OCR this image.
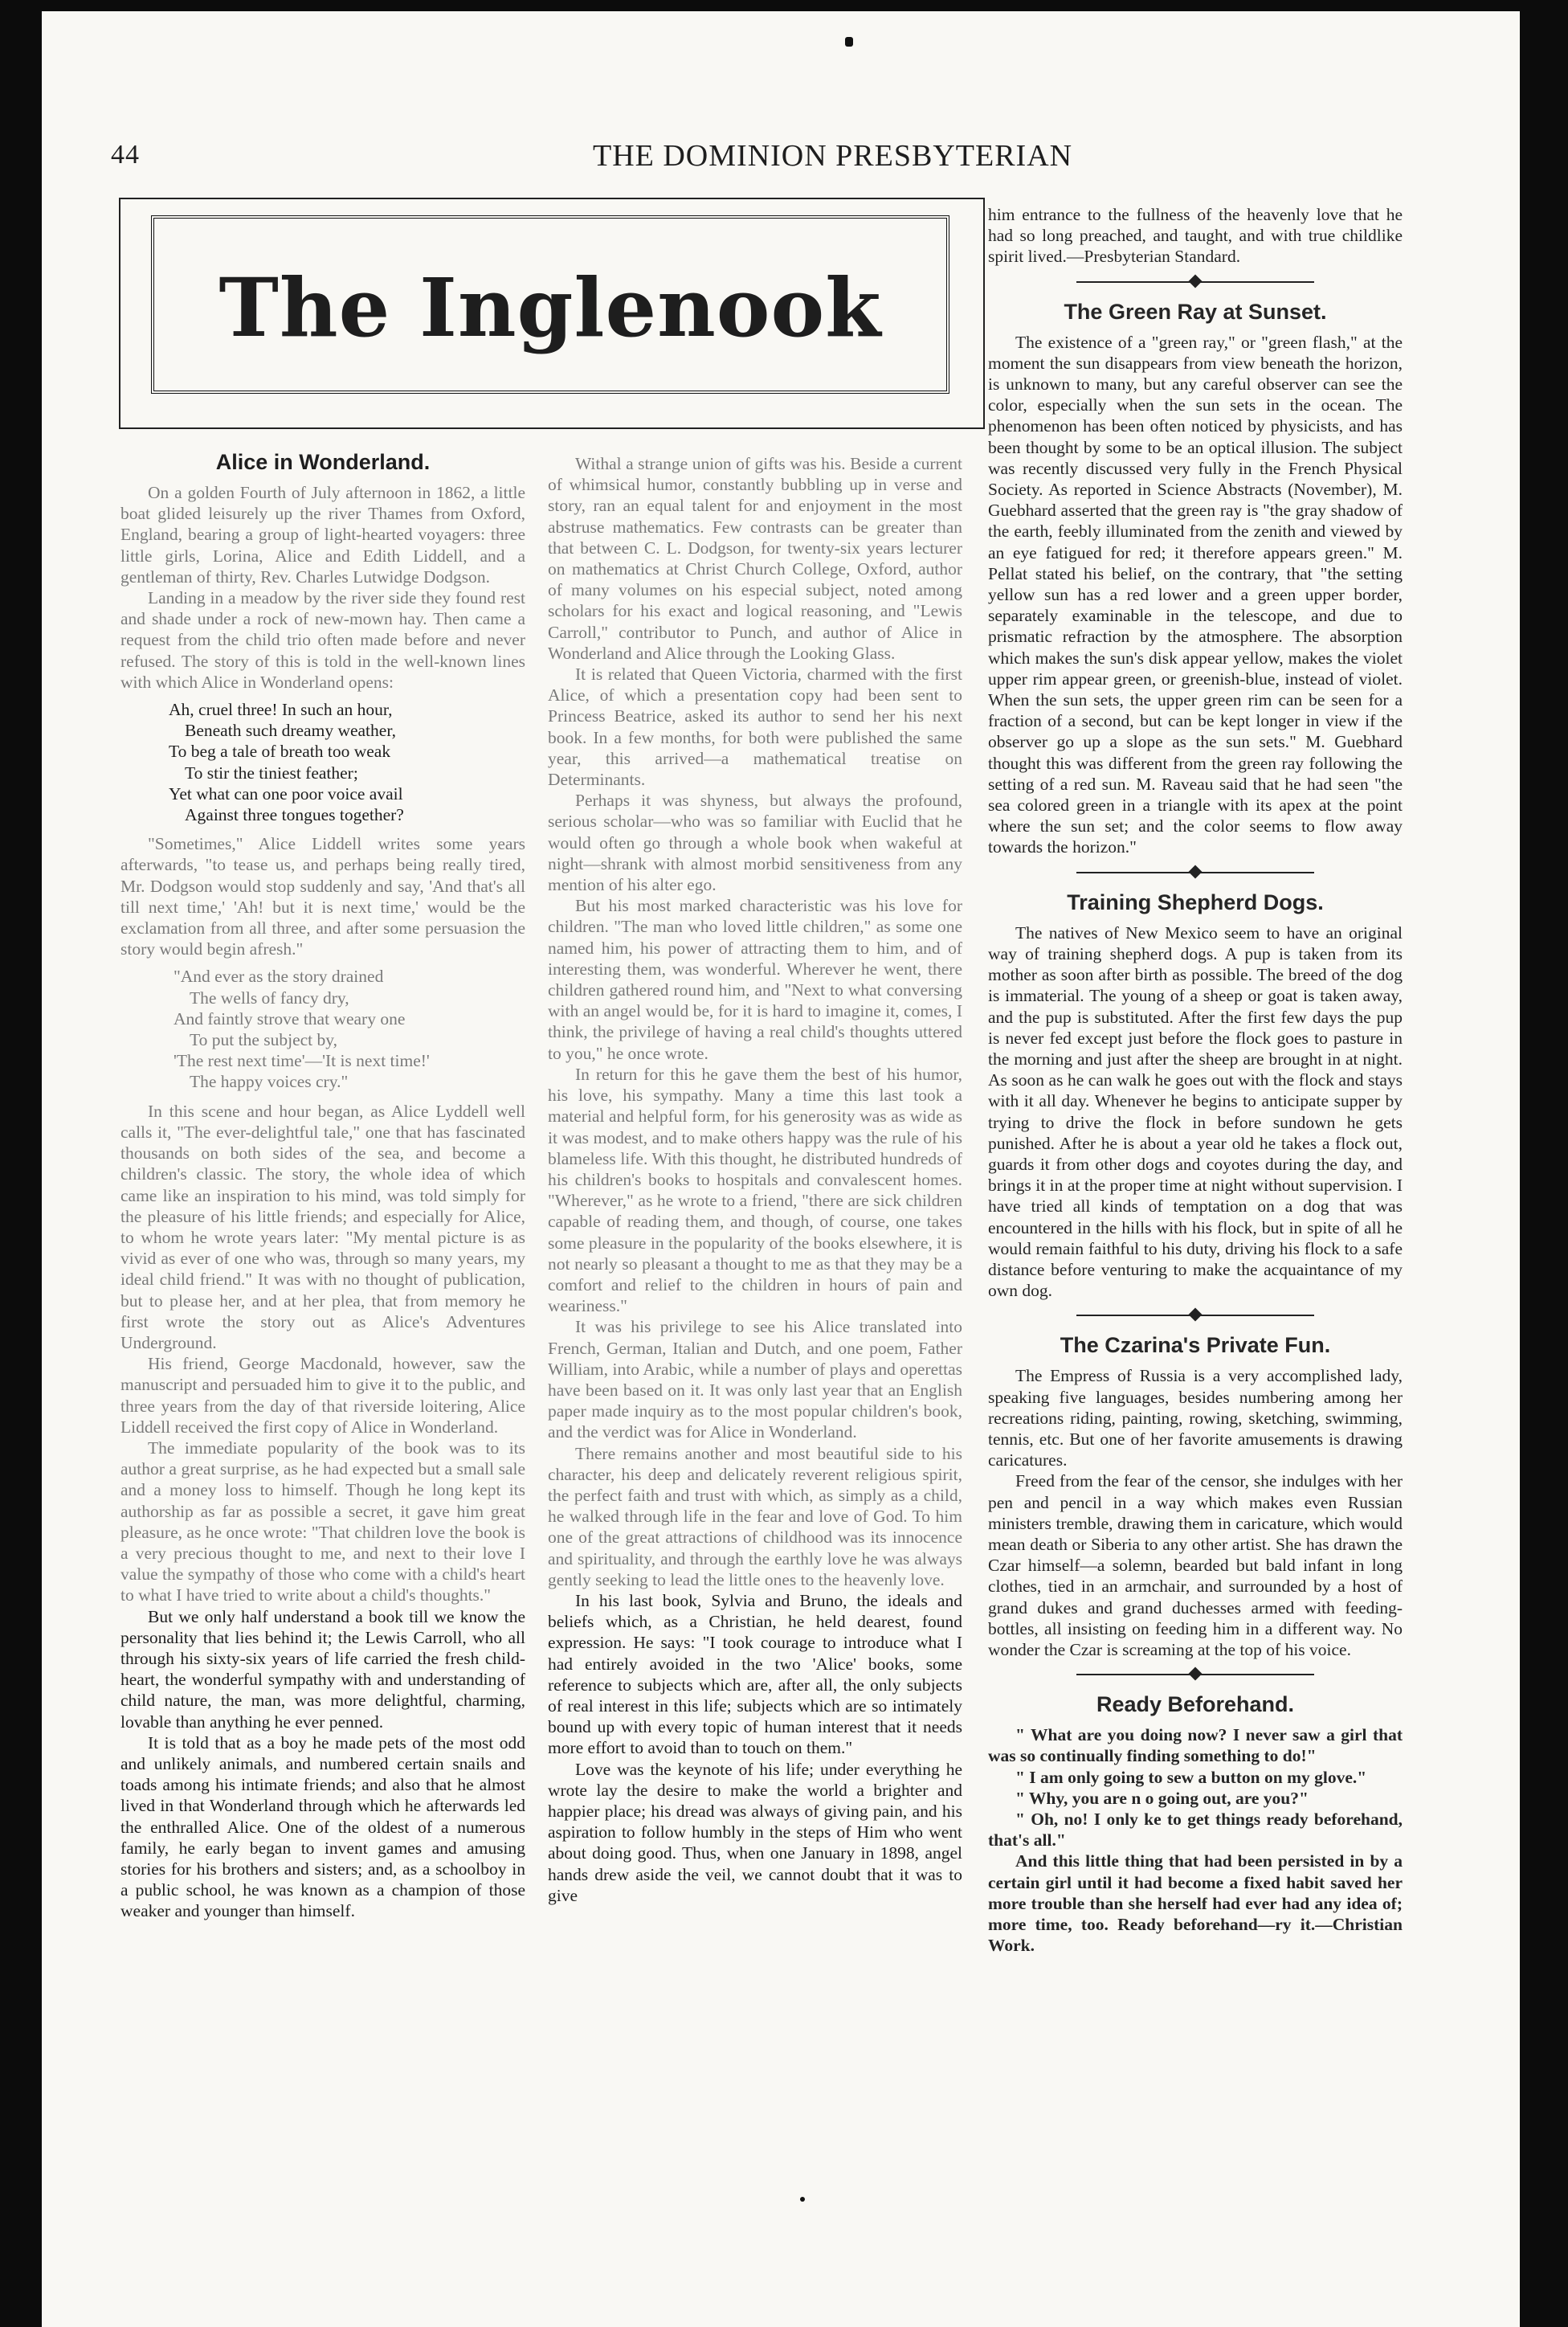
44	THE DOMINION PRESBYTERIAN
The Inglenook
Alice in Wonderland.

On a golden Fourth of July afternoon in 1862, a little boat glided leisurely up the river Thames from Oxford, England, bearing a group of light-hearted voyagers: three little girls, Lorina, Alice and Edith Liddell, and a gentleman of thirty, Rev. Charles Lutwidge Dodgson.

Landing in a meadow by the river side they found rest and shade under a rock of new-mown hay. Then came a request from the child trio often made before and never refused. The story of this is told in the well-known lines with which Alice in Wonderland opens:

Ah, cruel three! In such an hour,
Beneath such dreamy weather,
To beg a tale of breath too weak
To stir the tiniest feather;
Yet what can one poor voice avail
Against three tongues together?

"Sometimes," Alice Liddell writes some years afterwards, "to tease us, and perhaps being really tired, Mr. Dodgson would stop suddenly and say, 'And that's all till next time,' 'Ah! but it is next time,' would be the exclamation from all three, and after some persuasion the story would begin afresh."

"And ever as the story drained
The wells of fancy dry,
And faintly strove that weary one
To put the subject by,
'The rest next time'—'It is next time!'
The happy voices cry."

In this scene and hour began, as Alice Lyddell well calls it, "The ever-delightful tale," one that has fascinated thousands on both sides of the sea, and become a children's classic. The story, the whole idea of which came like an inspiration to his mind, was told simply for the pleasure of his little friends; and especially for Alice, to whom he wrote years later: "My mental picture is as vivid as ever of one who was, through so many years, my ideal child friend." It was with no thought of publication, but to please her, and at her plea, that from memory he first wrote the story out as Alice's Adventures Underground.

His friend, George Macdonald, however, saw the manuscript and persuaded him to give it to the public, and three years from the day of that riverside loitering, Alice Liddell received the first copy of Alice in Wonderland.

The immediate popularity of the book was to its author a great surprise, as he had expected but a small sale and a money loss to himself. Though he long kept its authorship as far as possible a secret, it gave him great pleasure, as he once wrote: "That children love the book is a very precious thought to me, and next to their love I value the sympathy of those who come with a child's heart to what I have tried to write about a child's thoughts."

But we only half understand a book till we know the personality that lies behind it; the Lewis Carroll, who all through his sixty-six years of life carried the fresh child-heart, the wonderful sympathy with and understanding of child nature, the man, was more delightful, charming, lovable than anything he ever penned.

It is told that as a boy he made pets of the most odd and unlikely animals, and numbered certain snails and toads among his intimate friends; and also that he almost lived in that Wonderland through which he afterwards led the enthralled Alice. One of the oldest of a numerous family, he early began to invent games and amusing stories for his brothers and sisters; and, as a schoolboy in a public school, he was known as a champion of those weaker and younger than himself.

Withal a strange union of gifts was his. Beside a current of whimsical humor, constantly bubbling up in verse and story, ran an equal talent for and enjoyment in the most abstruse mathematics. Few contrasts can be greater than that between C. L. Dodgson, for twenty-six years lecturer on mathematics at Christ Church College, Oxford, author of many volumes on his especial subject, noted among scholars for his exact and logical reasoning, and "Lewis Carroll," contributor to Punch, and author of Alice in Wonderland and Alice through the Looking Glass.

It is related that Queen Victoria, charmed with the first Alice, of which a presentation copy had been sent to Princess Beatrice, asked its author to send her his next book. In a few months, for both were published the same year, this arrived—a mathematical treatise on Determinants.

Perhaps it was shyness, but always the profound, serious scholar—who was so familiar with Euclid that he would often go through a whole book when wakeful at night—shrank with almost morbid sensitiveness from any mention of his alter ego.

But his most marked characteristic was his love for children. "The man who loved little children," as some one named him, his power of attracting them to him, and of interesting them, was wonderful. Wherever he went, there children gathered round him, and "Next to what conversing with an angel would be, for it is hard to imagine it, comes, I think, the privilege of having a real child's thoughts uttered to you," he once wrote.

In return for this he gave them the best of his humor, his love, his sympathy. Many a time this last took a material and helpful form, for his generosity was as wide as it was modest, and to make others happy was the rule of his blameless life. With this thought, he distributed hundreds of his children's books to hospitals and convalescent homes. "Wherever," as he wrote to a friend, "there are sick children capable of reading them, and though, of course, one takes some pleasure in the popularity of the books elsewhere, it is not nearly so pleasant a thought to me as that they may be a comfort and relief to the children in hours of pain and weariness."

It was his privilege to see his Alice translated into French, German, Italian and Dutch, and one poem, Father William, into Arabic, while a number of plays and operettas have been based on it. It was only last year that an English paper made inquiry as to the most popular children's book, and the verdict was for Alice in Wonderland.

There remains another and most beautiful side to his character, his deep and delicately reverent religious spirit, the perfect faith and trust with which, as simply as a child, he walked through life in the fear and love of God. To him one of the great attractions of childhood was its innocence and spirituality, and through the earthly love he was always gently seeking to lead the little ones to the heavenly love.

In his last book, Sylvia and Bruno, the ideals and beliefs which, as a Christian, he held dearest, found expression. He says: "I took courage to introduce what I had entirely avoided in the two 'Alice' books, some reference to subjects which are, after all, the only subjects of real interest in this life; subjects which are so intimately bound up with every topic of human interest that it needs more effort to avoid than to touch on them."

Love was the keynote of his life; under everything he wrote lay the desire to make the world a brighter and happier place; his dread was always of giving pain, and his aspiration to follow humbly in the steps of Him who went about doing good. Thus, when one January in 1898, angel hands drew aside the veil, we cannot doubt that it was to give

him entrance to the fullness of the heavenly love that he had so long preached, and taught, and with true childlike spirit lived.—Presbyterian Standard.

The Green Ray at Sunset.

The existence of a "green ray," or "green flash," at the moment the sun disappears from view beneath the horizon, is unknown to many, but any careful observer can see the color, especially when the sun sets in the ocean. The phenomenon has been often noticed by physicists, and has been thought by some to be an optical illusion. The subject was recently discussed very fully in the French Physical Society. As reported in Science Abstracts (November), M. Guebhard asserted that the green ray is "the gray shadow of the earth, feebly illuminated from the zenith and viewed by an eye fatigued for red; it therefore appears green." M. Pellat stated his belief, on the contrary, that "the setting yellow sun has a red lower and a green upper border, separately examinable in the telescope, and due to prismatic refraction by the atmosphere. The absorption which makes the sun's disk appear yellow, makes the violet upper rim appear green, or greenish-blue, instead of violet. When the sun sets, the upper green rim can be seen for a fraction of a second, but can be kept longer in view if the observer go up a slope as the sun sets." M. Guebhard thought this was different from the green ray following the setting of a red sun. M. Raveau said that he had seen "the sea colored green in a triangle with its apex at the point where the sun set; and the color seems to flow away towards the horizon."

Training Shepherd Dogs.

The natives of New Mexico seem to have an original way of training shepherd dogs. A pup is taken from its mother as soon after birth as possible. The breed of the dog is immaterial. The young of a sheep or goat is taken away, and the pup is substituted. After the first few days the pup is never fed except just before the flock goes to pasture in the morning and just after the sheep are brought in at night. As soon as he can walk he goes out with the flock and stays with it all day. Whenever he begins to anticipate supper by trying to drive the flock in before sundown he gets punished. After he is about a year old he takes a flock out, guards it from other dogs and coyotes during the day, and brings it in at the proper time at night without supervision. I have tried all kinds of temptation on a dog that was encountered in the hills with his flock, but in spite of all he would remain faithful to his duty, driving his flock to a safe distance before venturing to make the acquaintance of my own dog.

The Czarina's Private Fun.

The Empress of Russia is a very accomplished lady, speaking five languages, besides numbering among her recreations riding, painting, rowing, sketching, swimming, tennis, etc. But one of her favorite amusements is drawing caricatures.

Freed from the fear of the censor, she indulges with her pen and pencil in a way which makes even Russian ministers tremble, drawing them in caricature, which would mean death or Siberia to any other artist. She has drawn the Czar himself—a solemn, bearded but bald infant in long clothes, tied in an armchair, and surrounded by a host of grand dukes and grand duchesses armed with feeding-bottles, all insisting on feeding him in a different way. No wonder the Czar is screaming at the top of his voice.

Ready Beforehand.

" What are you doing now? I never saw a girl that was so continually finding something to do!"

" I am only going to sew a button on my glove."

" Why, you are n o going out, are you?"

" Oh, no! I only ke to get things ready beforehand, that's all."

And this little thing that had been persisted in by a certain girl until it had become a fixed habit saved her more trouble than she herself had ever had any idea of; more time, too. Ready beforehand—ry it.—Christian Work.
